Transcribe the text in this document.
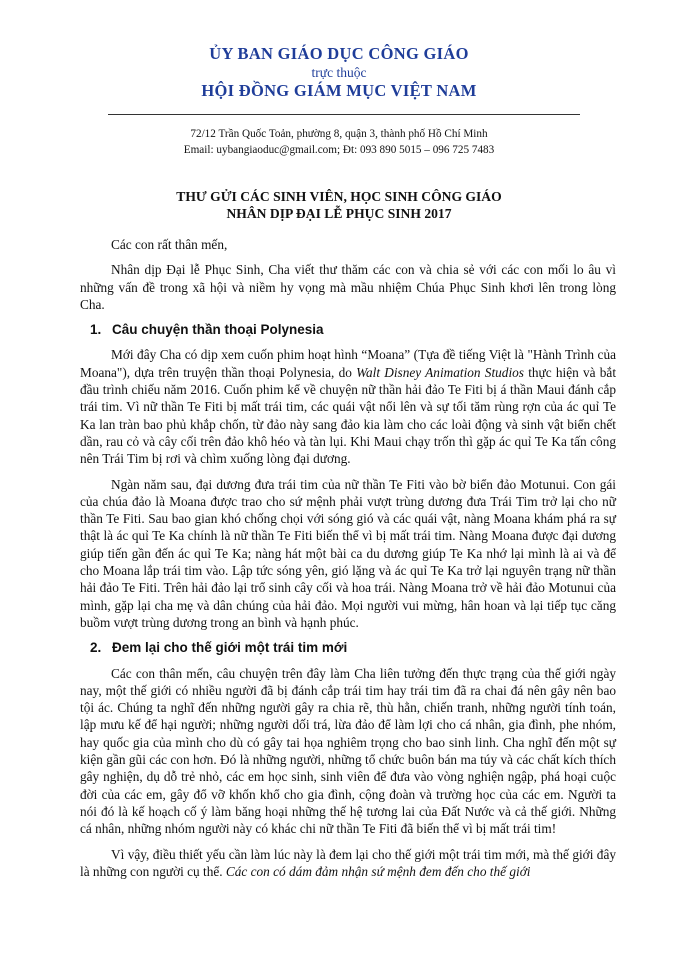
ỦY BAN GIÁO DỤC CÔNG GIÁO
trực thuộc
HỘI ĐỒNG GIÁM MỤC VIỆT NAM
72/12 Trần Quốc Toản, phường 8, quận 3, thành phố Hồ Chí Minh
Email: uybangiaoduc@gmail.com; Đt: 093 890 5015 – 096 725 7483
THƯ GỬI CÁC SINH VIÊN, HỌC SINH CÔNG GIÁO
NHÂN DỊP ĐẠI LỄ PHỤC SINH 2017

Các con rất thân mến,

Nhân dịp Đại lễ Phục Sinh, Cha viết thư thăm các con và chia sẻ với các con mối lo âu vì những vấn đề trong xã hội và niềm hy vọng mà mầu nhiệm Chúa Phục Sinh khơi lên trong lòng Cha.

1. Câu chuyện thần thoại Polynesia

Mới đây Cha có dịp xem cuốn phim hoạt hình “Moana” (Tựa đề tiếng Việt là "Hành Trình của Moana"), dựa trên truyện thần thoại Polynesia, do Walt Disney Animation Studios thực hiện và bắt đầu trình chiếu năm 2016. Cuốn phim kể về chuyện nữ thần hải đảo Te Fiti bị á thần Maui đánh cắp trái tim. Vì nữ thần Te Fiti bị mất trái tim, các quái vật nổi lên và sự tối tăm rùng rợn của ác quỉ Te Ka lan tràn bao phủ khắp chốn, từ đảo này sang đảo kia làm cho các loài động và sinh vật biển chết dần, rau cỏ và cây cối trên đảo khô héo và tàn lụi. Khi Maui chạy trốn thì gặp ác quỉ Te Ka tấn công nên Trái Tim bị rơi và chìm xuống lòng đại dương.

Ngàn năm sau, đại dương đưa trái tim của nữ thần Te Fiti vào bờ biển đảo Motunui. Con gái của chúa đảo là Moana được trao cho sứ mệnh phải vượt trùng dương đưa Trái Tim trở lại cho nữ thần Te Fiti. Sau bao gian khó chống chọi với sóng gió và các quái vật, nàng Moana khám phá ra sự thật là ác quỉ Te Ka chính là nữ thần Te Fiti biến thể vì bị mất trái tim. Nàng Moana được đại dương giúp tiến gần đến ác quỉ Te Ka; nàng hát một bài ca du dương giúp Te Ka nhớ lại mình là ai và để cho Moana lắp trái tim vào. Lập tức sóng yên, gió lặng và ác quỉ Te Ka trở lại nguyên trạng nữ thần hải đảo Te Fiti. Trên hải đảo lại trổ sinh cây cối và hoa trái. Nàng Moana trở về hải đảo Motunui của mình, gặp lại cha mẹ và dân chúng của hải đảo. Mọi người vui mừng, hân hoan và lại tiếp tục căng buồm vượt trùng dương trong an bình và hạnh phúc.

2. Đem lại cho thế giới một trái tim mới

Các con thân mến, câu chuyện trên đây làm Cha liên tưởng đến thực trạng của thế giới ngày nay, một thế giới có nhiều người đã bị đánh cắp trái tim hay trái tim đã ra chai đá nên gây nên bao tội ác. Chúng ta nghĩ đến những người gây ra chia rẽ, thù hằn, chiến tranh, những người tính toán, lập mưu kế để hại người; những người dối trá, lừa đảo để làm lợi cho cá nhân, gia đình, phe nhóm, hay quốc gia của mình cho dù có gây tai họa nghiêm trọng cho bao sinh linh. Cha nghĩ đến một sự kiện gần gũi các con hơn. Đó là những người, những tổ chức buôn bán ma túy và các chất kích thích gây nghiện, dụ dỗ trẻ nhỏ, các em học sinh, sinh viên để đưa vào vòng nghiện ngập, phá hoại cuộc đời của các em, gây đổ vỡ khốn khổ cho gia đình, cộng đoàn và trường học của các em. Người ta nói đó là kế hoạch cố ý làm băng hoại những thế hệ tương lai của Đất Nước và cả thế giới. Những cá nhân, những nhóm người này có khác chi nữ thần Te Fiti đã biến thể vì bị mất trái tim!

Vì vậy, điều thiết yếu cần làm lúc này là đem lại cho thế giới một trái tim mới, mà thế giới đây là những con người cụ thể. Các con có dám đảm nhận sứ mệnh đem đến cho thế giới
